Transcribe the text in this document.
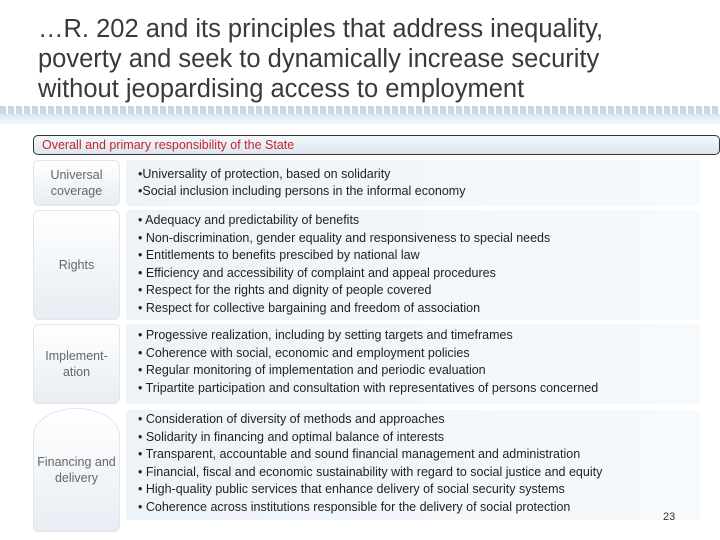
…R. 202 and its principles that address inequality,
poverty and seek to dynamically increase security
without jeopardising access to employment
Overall and primary responsibility of the State
Universal coverage
•Universality of protection, based on solidarity
•Social inclusion including persons in the informal economy
Rights
• Adequacy and predictability of benefits
• Non-discrimination, gender equality and responsiveness to special needs
• Entitlements to benefits prescibed by national law
• Efficiency and accessibility of complaint and appeal procedures
• Respect for the rights and dignity of people covered
• Respect for collective bargaining and freedom of association
Implement-ation
• Progessive realization, including by setting targets and timeframes
• Coherence with social, economic and employment policies
• Regular monitoring of implementation and periodic evaluation
• Tripartite participation and consultation with representatives of persons concerned
Financing and delivery
• Consideration of diversity of methods and approaches
• Solidarity in financing and optimal balance of interests
• Transparent, accountable and sound financial management and administration
• Financial, fiscal and economic sustainability with regard to social justice and equity
• High-quality public services that enhance delivery of social security systems
• Coherence across institutions responsible for the delivery of social protection
23
